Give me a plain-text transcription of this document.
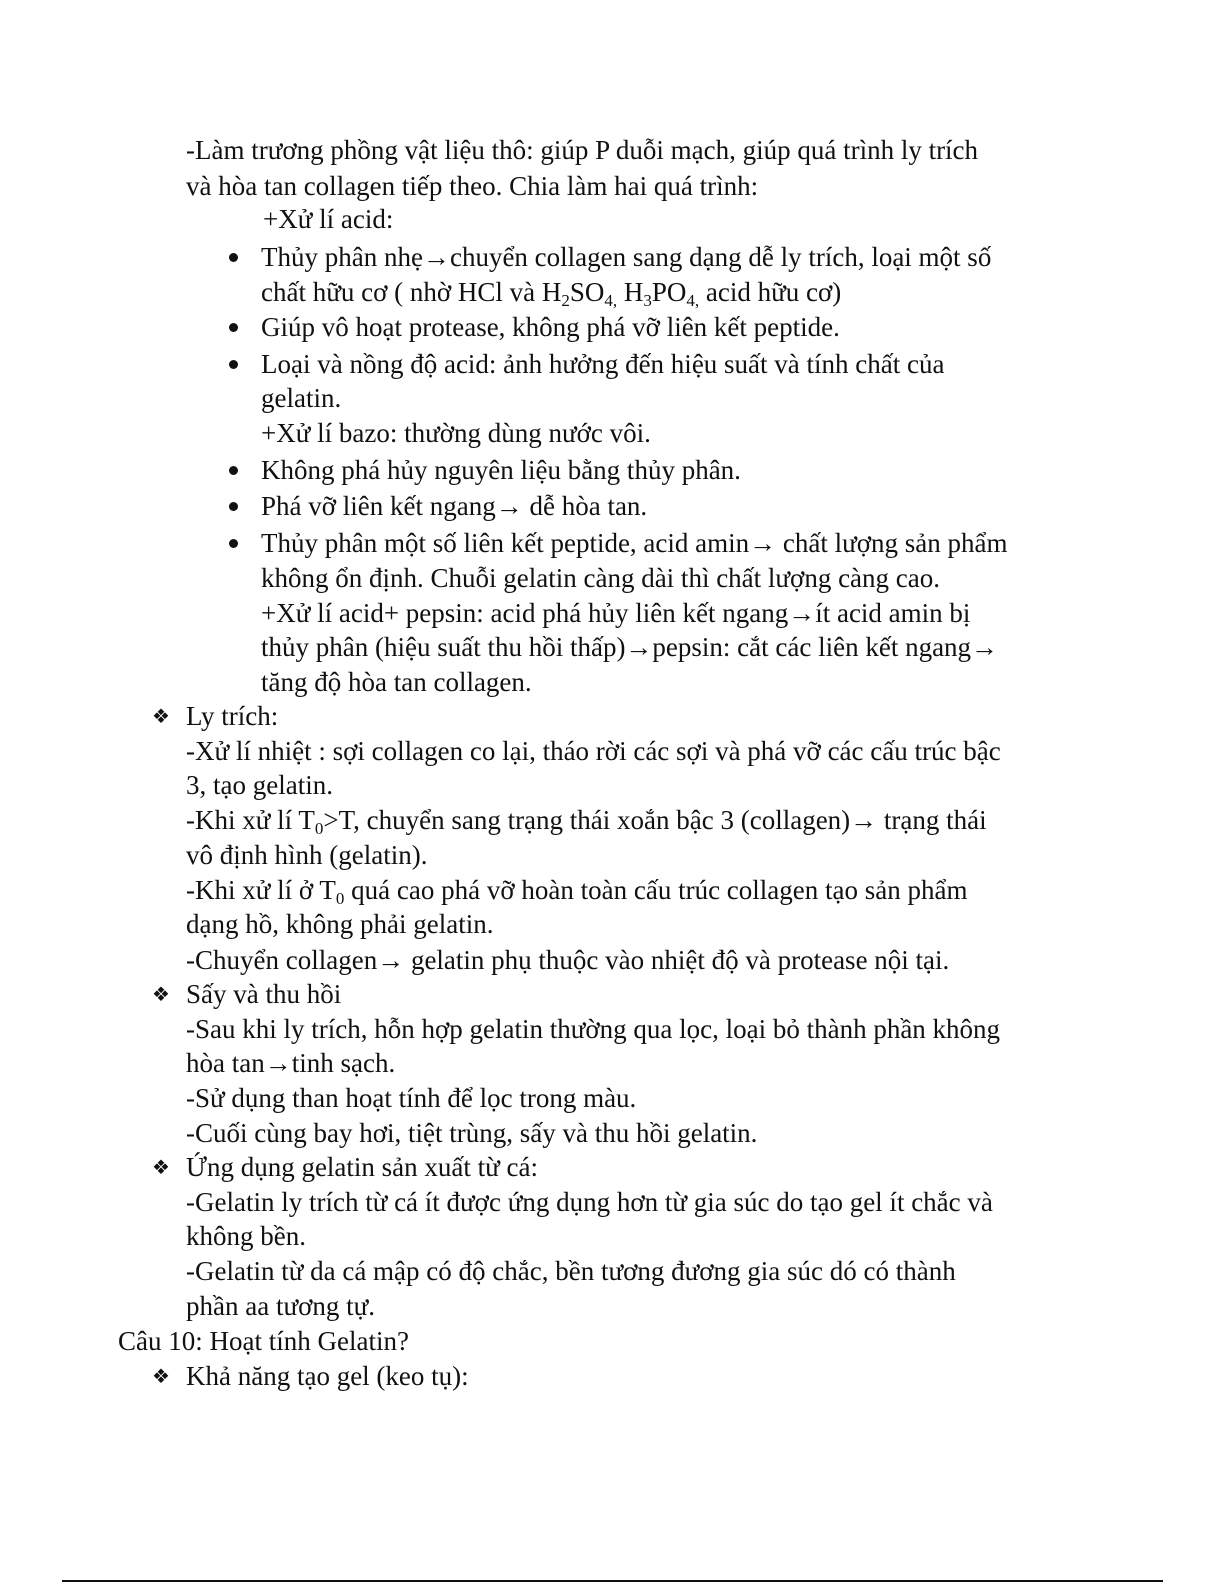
-Làm trương phồng vật liệu thô: giúp P duỗi mạch, giúp quá trình ly trích
và hòa tan collagen tiếp theo. Chia làm hai quá trình:
+Xử lí acid:
Thủy phân nhẹ→chuyển collagen sang dạng dễ ly trích, loại một số
chất hữu cơ ( nhờ HCl và $H_2SO_{4,}$ $H_3PO_{4,}$ acid hữu cơ)
Giúp vô hoạt protease, không phá vỡ liên kết peptide.
Loại và nồng độ acid: ảnh hưởng đến hiệu suất và tính chất của
gelatin.
+Xử lí bazo: thường dùng nước vôi.
Không phá hủy nguyên liệu bằng thủy phân.
Phá vỡ liên kết ngang→ dễ hòa tan.
Thủy phân một số liên kết peptide, acid amin→ chất lượng sản phẩm
không ổn định. Chuỗi gelatin càng dài thì chất lượng càng cao.
+Xử lí acid+ pepsin: acid phá hủy liên kết ngang→ít acid amin bị
thủy phân (hiệu suất thu hồi thấp)→pepsin: cắt các liên kết ngang→
tăng độ hòa tan collagen.
❖ Ly trích:
-Xử lí nhiệt : sợi collagen co lại, tháo rời các sợi và phá vỡ các cấu trúc bậc
3, tạo gelatin.
-Khi xử lí $T_0>T$, chuyển sang trạng thái xoắn bậc 3 (collagen)→ trạng thái
vô định hình (gelatin).
-Khi xử lí ở $T_0$ quá cao phá vỡ hoàn toàn cấu trúc collagen tạo sản phẩm
dạng hồ, không phải gelatin.
-Chuyển collagen→ gelatin phụ thuộc vào nhiệt độ và protease nội tại.
❖ Sấy và thu hồi
-Sau khi ly trích, hỗn hợp gelatin thường qua lọc, loại bỏ thành phần không
hòa tan→tinh sạch.
-Sử dụng than hoạt tính để lọc trong màu.
-Cuối cùng bay hơi, tiệt trùng, sấy và thu hồi gelatin.
❖ Ứng dụng gelatin sản xuất từ cá:
-Gelatin ly trích từ cá ít được ứng dụng hơn từ gia súc do tạo gel ít chắc và
không bền.
-Gelatin từ da cá mập có độ chắc, bền tương đương gia súc dó có thành
phần aa tương tự.
Câu 10: Hoạt tính Gelatin?
❖ Khả năng tạo gel (keo tụ):
